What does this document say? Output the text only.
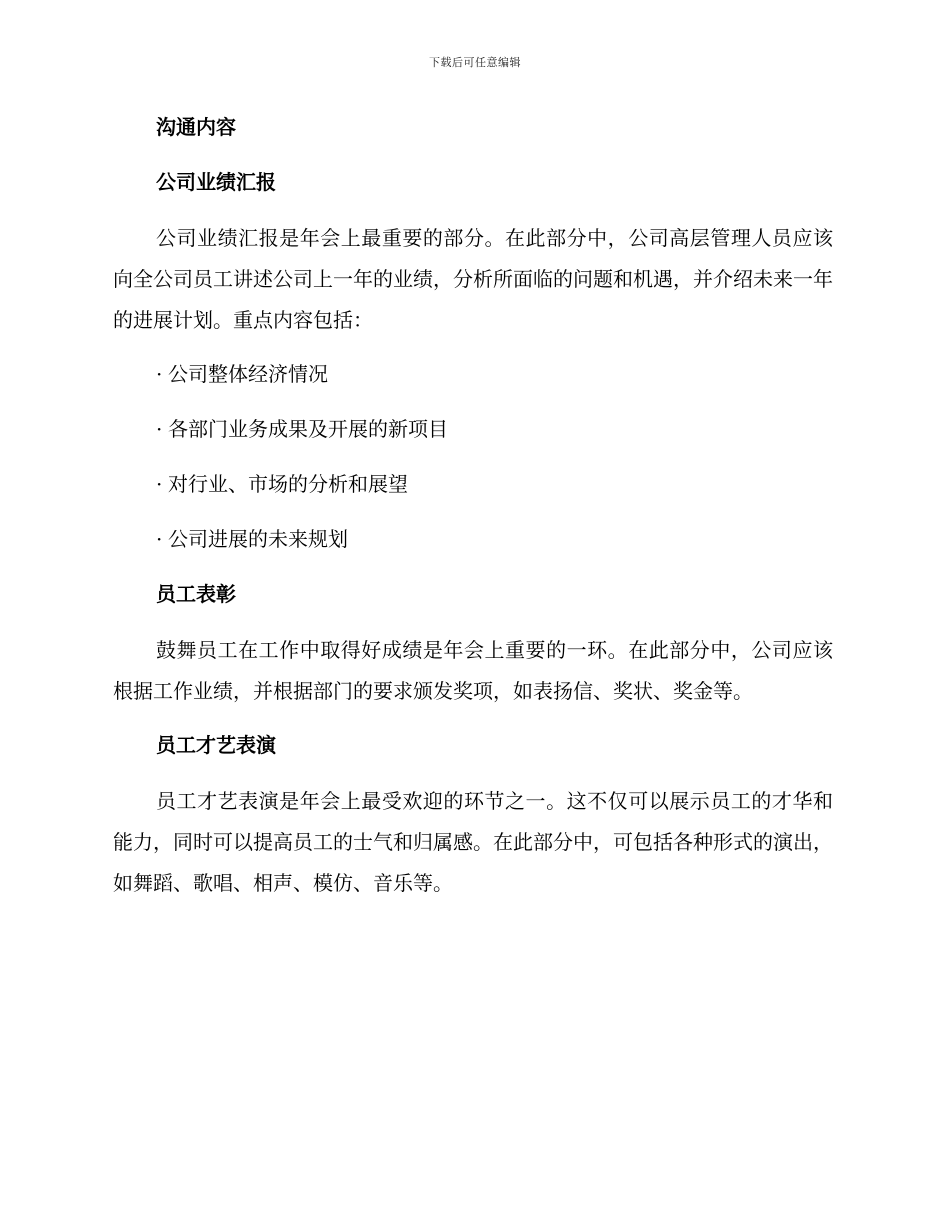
下载后可任意编辑
沟通内容
公司业绩汇报

公司业绩汇报是年会上最重要的部分。在此部分中，公司高层管理人员应该向全公司员工讲述公司上一年的业绩，分析所面临的问题和机遇，并介绍未来一年的进展计划。重点内容包括：

· 公司整体经济情况
· 各部门业务成果及开展的新项目
· 对行业、市场的分析和展望
· 公司进展的未来规划
员工表彰

鼓舞员工在工作中取得好成绩是年会上重要的一环。在此部分中，公司应该根据工作业绩，并根据部门的要求颁发奖项，如表扬信、奖状、奖金等。

员工才艺表演

员工才艺表演是年会上最受欢迎的环节之一。这不仅可以展示员工的才华和能力，同时可以提高员工的士气和归属感。在此部分中，可包括各种形式的演出，如舞蹈、歌唱、相声、模仿、音乐等。
